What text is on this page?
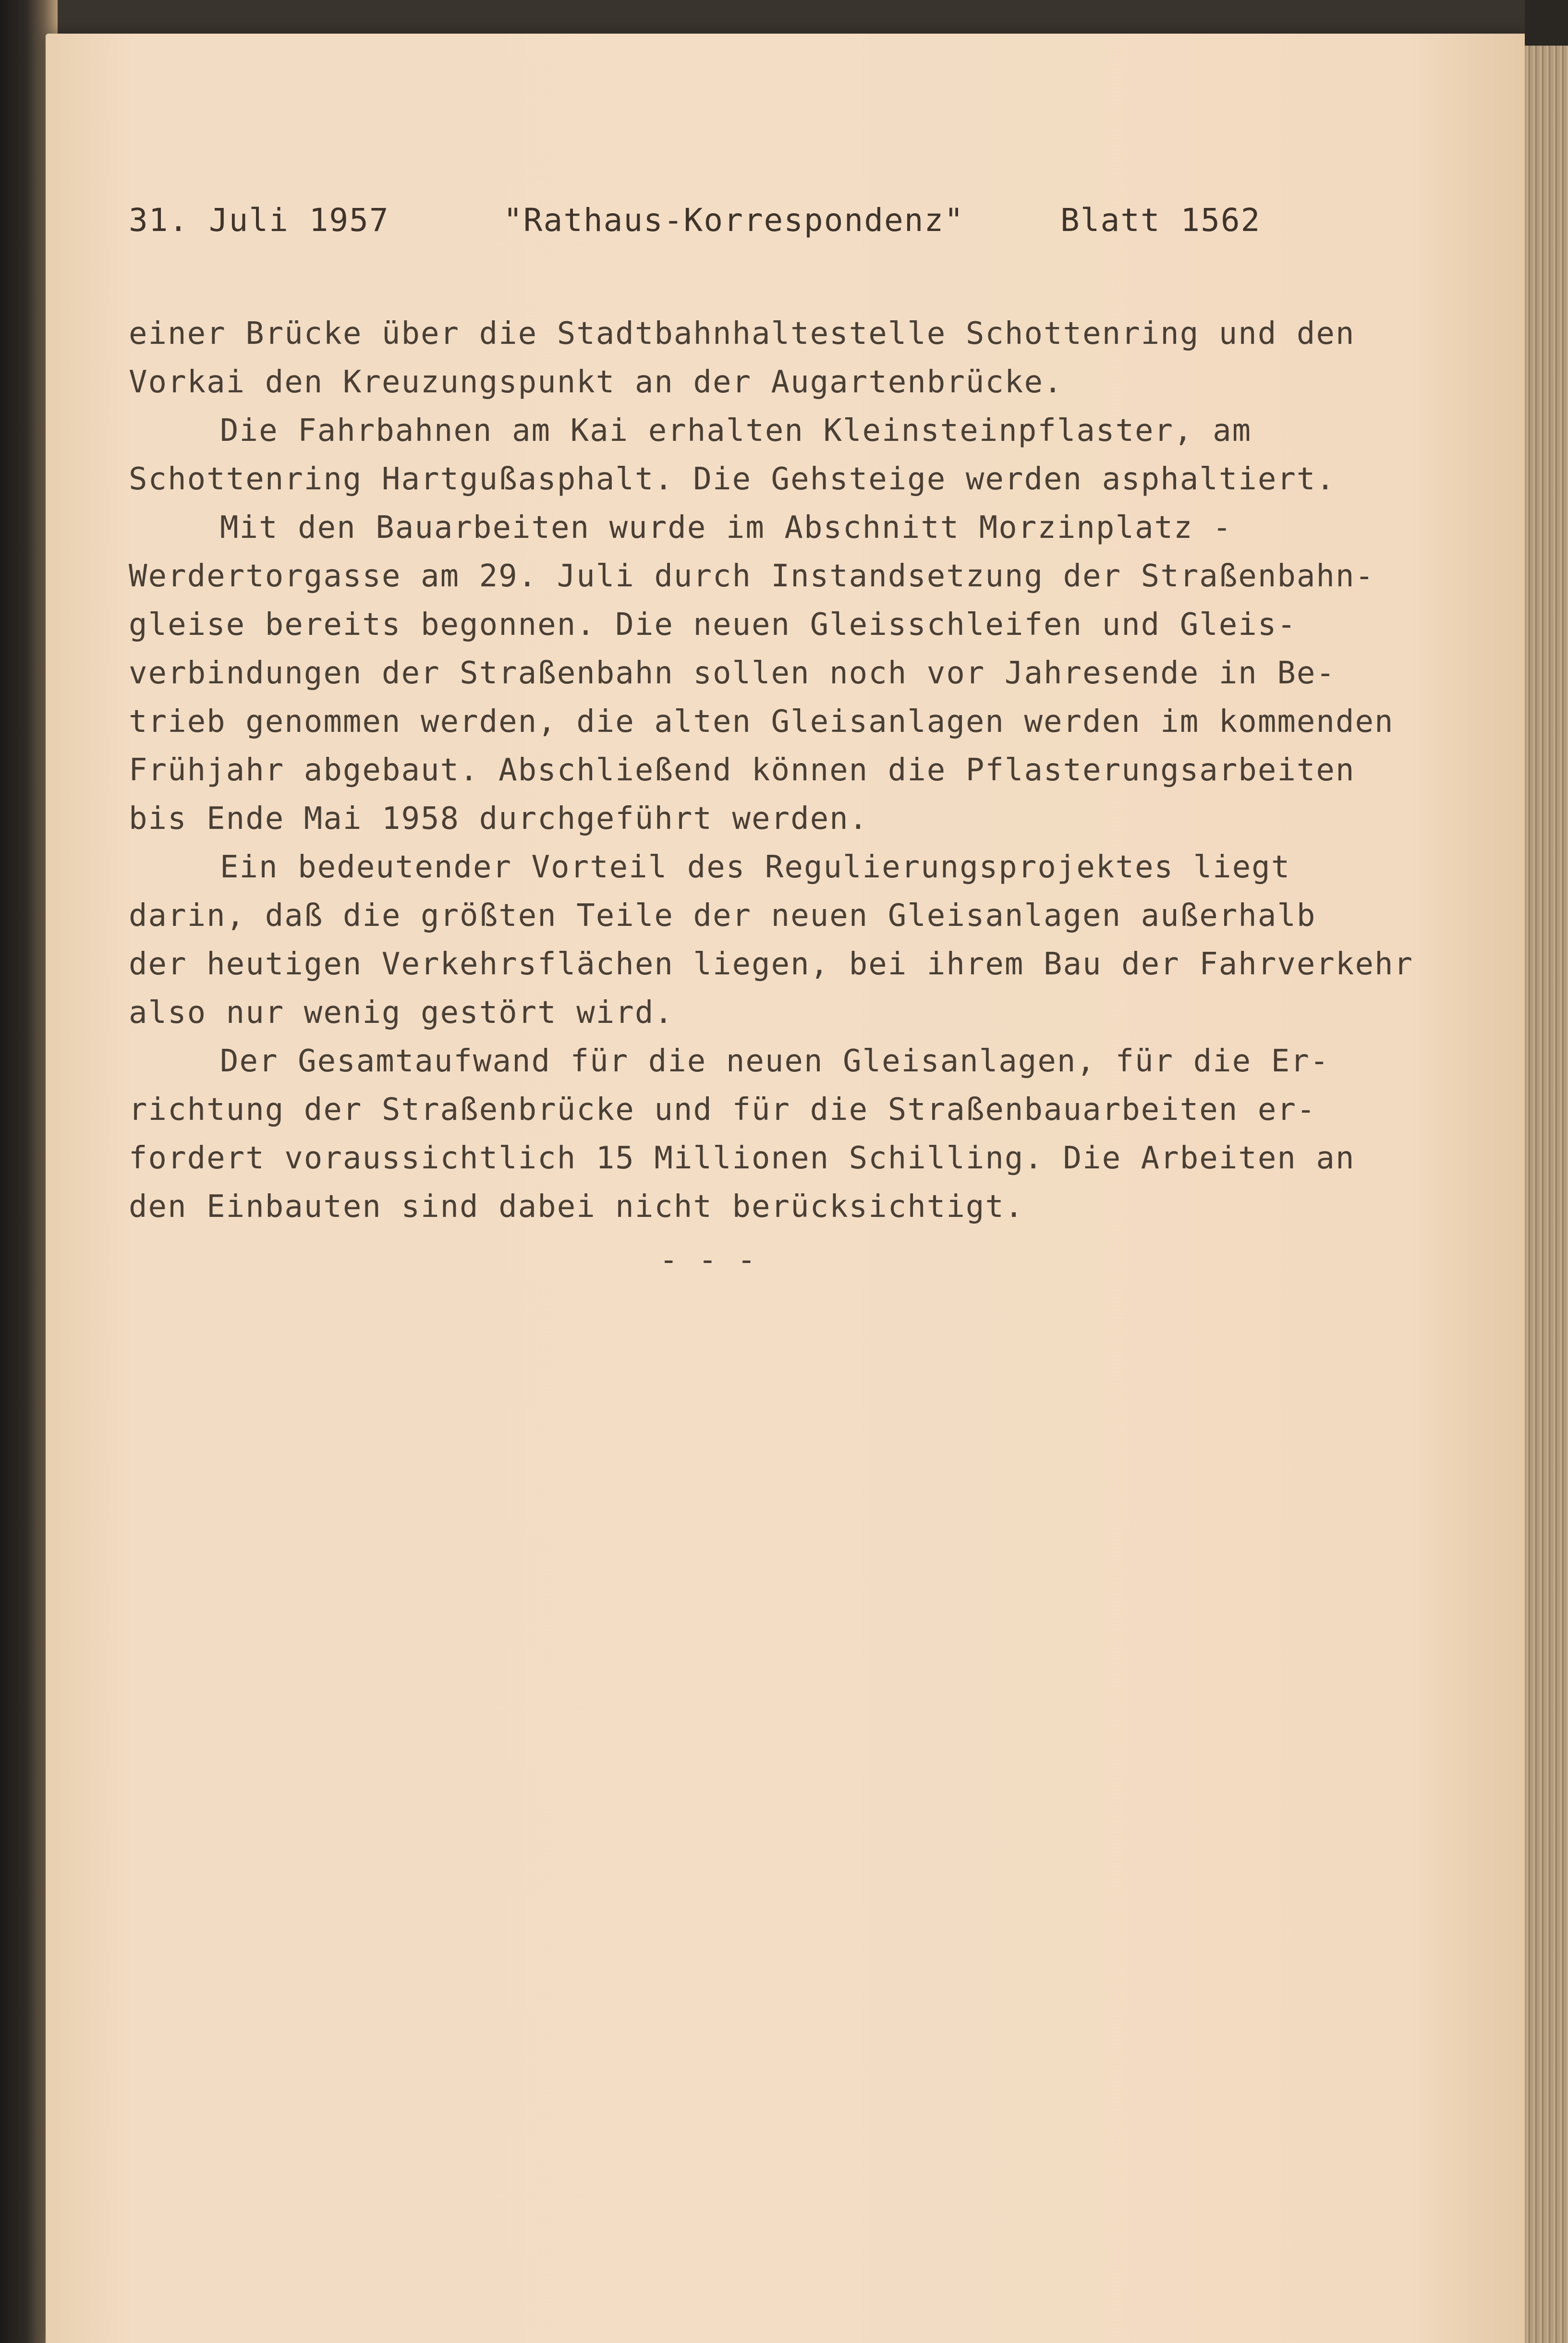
31. Juli 1957	"Rathaus-Korrespondenz"	Blatt 1562
einer Brücke über die Stadtbahnhaltestelle Schottenring und den
Vorkai den Kreuzungspunkt an der Augartenbrücke.
Die Fahrbahnen am Kai erhalten Kleinsteinpflaster, am
Schottenring Hartgußasphalt. Die Gehsteige werden asphaltiert.
Mit den Bauarbeiten wurde im Abschnitt Morzinplatz -
Werdertorgasse am 29. Juli durch Instandsetzung der Straßenbahn-
gleise bereits begonnen. Die neuen Gleisschleifen und Gleis-
verbindungen der Straßenbahn sollen noch vor Jahresende in Be-
trieb genommen werden, die alten Gleisanlagen werden im kommenden
Frühjahr abgebaut. Abschließend können die Pflasterungsarbeiten
bis Ende Mai 1958 durchgeführt werden.
Ein bedeutender Vorteil des Regulierungsprojektes liegt
darin, daß die größten Teile der neuen Gleisanlagen außerhalb
der heutigen Verkehrsflächen liegen, bei ihrem Bau der Fahrverkehr
also nur wenig gestört wird.
Der Gesamtaufwand für die neuen Gleisanlagen, für die Er-
richtung der Straßenbrücke und für die Straßenbauarbeiten er-
fordert voraussichtlich 15 Millionen Schilling. Die Arbeiten an
den Einbauten sind dabei nicht berücksichtigt.
- - -
